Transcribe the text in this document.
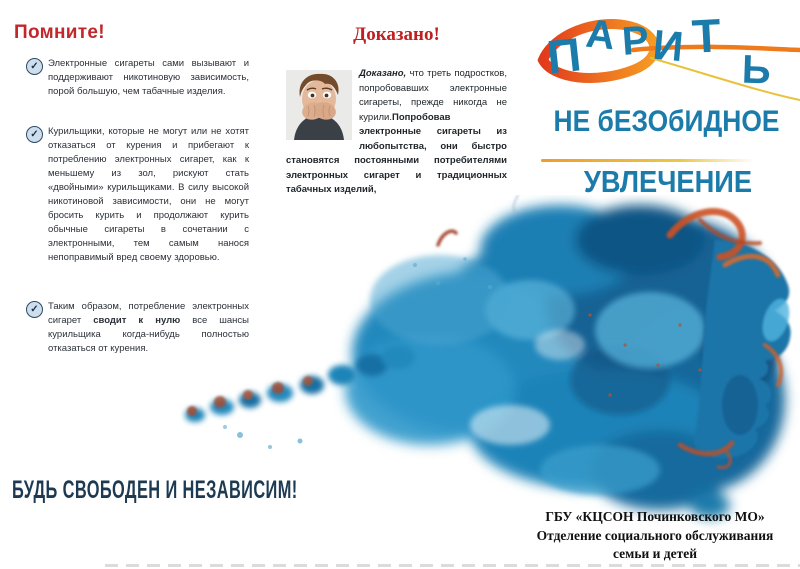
Помните!
✓ Электронные сигареты сами вызывают и поддерживают никотиновую зависимость, порой большую, чем табачные изделия.

✓ Курильщики, которые не могут или не хотят отказаться от курения и прибегают к потреблению электронных сигарет, как к меньшему из зол, рискуют стать «двойными» курильщиками. В силу высокой никотиновой зависимости, они не могут бросить курить и продолжают курить обычные сигареты в сочетании с электронными, тем самым нанося непоправимый вред своему здоровью.

✓ Таким образом, потребление электронных сигарет сводит к нулю все шансы курильщика когда-нибудь полностью отказаться от курения.

БУДЬ СВОБОДЕН И НЕЗАВИСИМ!
Доказано!
Доказано, что треть подростков, попробовавших электронные сигареты, прежде никогда не курили.Попробовав электронные сигареты из любопытства, они быстро становятся постоянными потребителями электронных сигарет и традиционных табачных изделий,
П А Р И Т
Ь
НЕ бЕЗОбИДНОЕ
УВЛЕЧЕНИЕ
ГБУ «КЦСОН Починковского МО»
Отделение социального обслуживания
семьи и детей
